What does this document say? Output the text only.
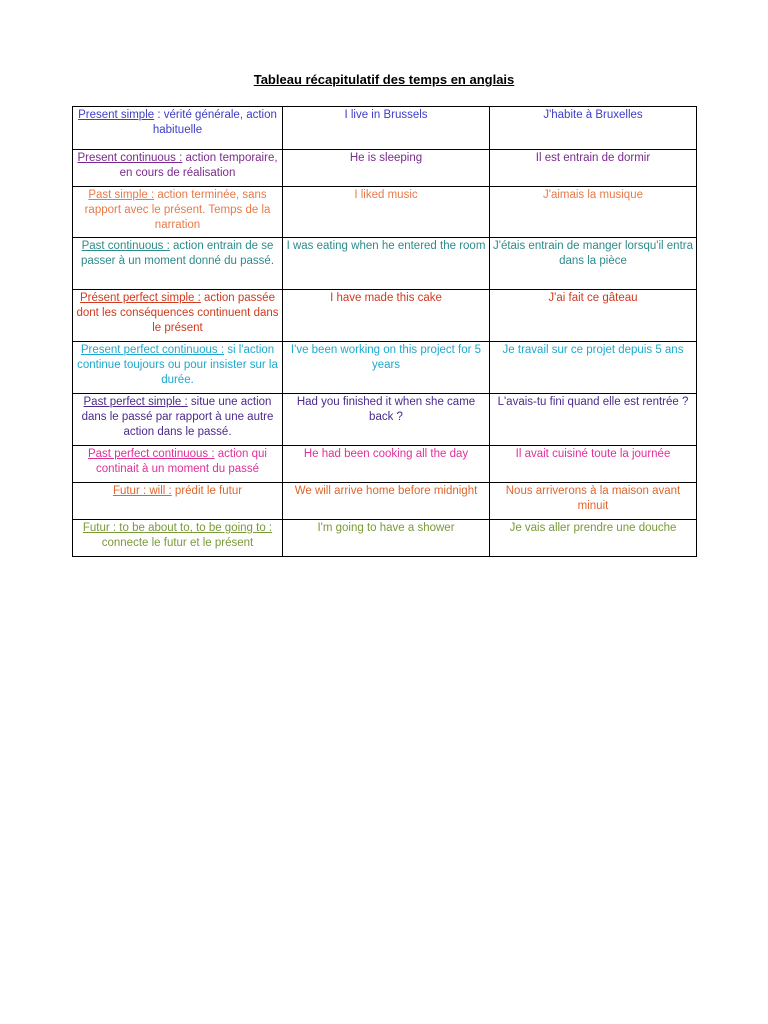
Tableau récapitulatif des temps en anglais
Present simple : vérité générale, action habituelle	I live in Brussels	J'habite à Bruxelles
Present continuous : action temporaire, en cours de réalisation	He is sleeping	Il est entrain de dormir
Past simple : action terminée, sans rapport avec le présent. Temps de la narration	I liked music	J'aimais la musique
Past continuous : action entrain de se passer à un moment donné du passé.	I was eating when he entered the room	J'étais entrain de manger lorsqu'il entra dans la pièce
Présent perfect simple : action passée dont les conséquences continuent dans le présent	I have made this cake	J'ai fait ce gâteau
Present perfect continuous : si l'action continue toujours ou pour insister sur la durée.	I've been working on this project for 5 years	Je travail sur ce projet depuis 5 ans
Past perfect simple : situe une action dans le passé par rapport à une autre action dans le passé.	Had you finished it when she came back ?	L'avais-tu fini quand elle est rentrée ?
Past perfect continuous : action qui continait à un moment du passé	He had been cooking all the day	Il avait cuisiné toute la journée
Futur : will : prédit le futur	We will arrive home before midnight	Nous arriverons à la maison avant minuit
Futur : to be about to, to be going to : connecte le futur et le présent	I'm going to have a shower	Je vais aller prendre une douche
